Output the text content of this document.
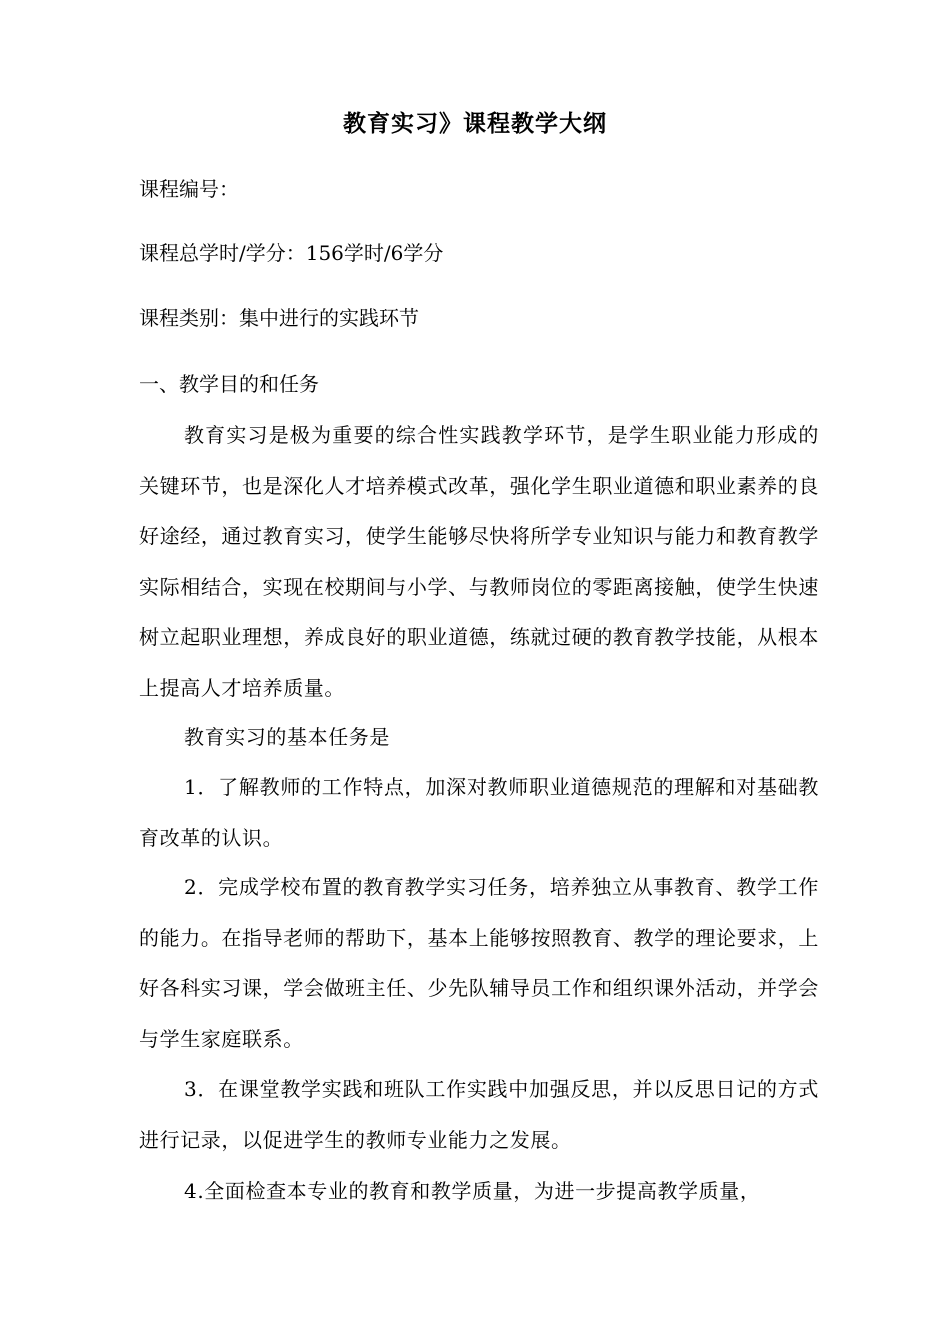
教育实习》课程教学大纲
课程编号：
课程总学时/学分：156学时/6学分
课程类别：集中进行的实践环节
一、教学目的和任务
教育实习是极为重要的综合性实践教学环节，是学生职业能力形成的关键环节，也是深化人才培养模式改革，强化学生职业道德和职业素养的良好途经，通过教育实习，使学生能够尽快将所学专业知识与能力和教育教学实际相结合，实现在校期间与小学、与教师岗位的零距离接触，使学生快速树立起职业理想，养成良好的职业道德，练就过硬的教育教学技能，从根本上提高人才培养质量。
教育实习的基本任务是
1．了解教师的工作特点，加深对教师职业道德规范的理解和对基础教育改革的认识。
2．完成学校布置的教育教学实习任务，培养独立从事教育、教学工作的能力。在指导老师的帮助下，基本上能够按照教育、教学的理论要求，上好各科实习课，学会做班主任、少先队辅导员工作和组织课外活动，并学会与学生家庭联系。
3．在课堂教学实践和班队工作实践中加强反思，并以反思日记的方式进行记录，以促进学生的教师专业能力之发展。
4.全面检查本专业的教育和教学质量，为进一步提高教学质量，
